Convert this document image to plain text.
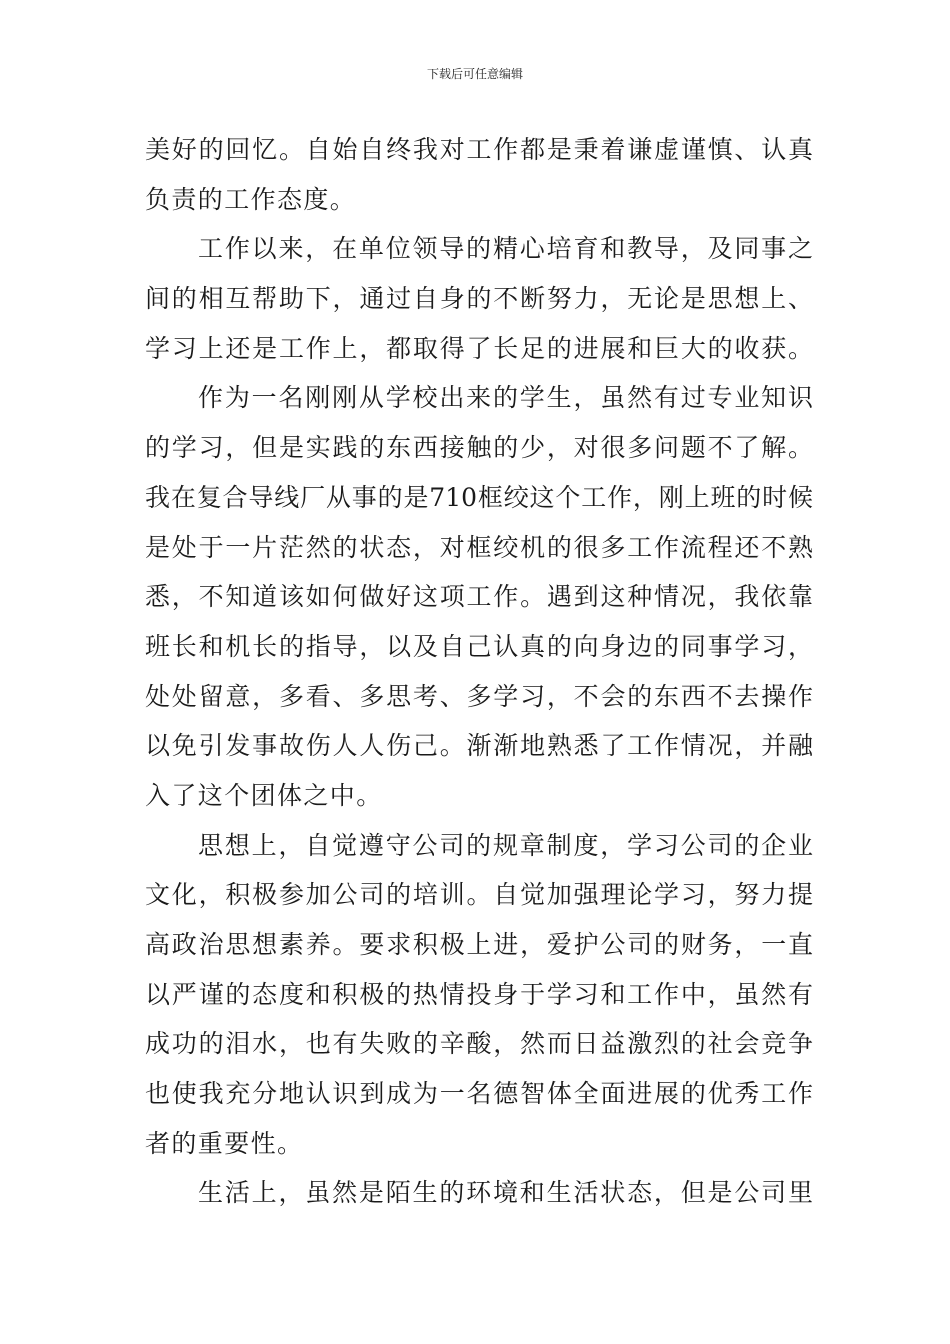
下载后可任意编辑
美好的回忆。自始自终我对工作都是秉着谦虚谨慎、认真
负责的工作态度。
工作以来，在单位领导的精心培育和教导，及同事之
间的相互帮助下，通过自身的不断努力，无论是思想上、
学习上还是工作上，都取得了长足的进展和巨大的收获。
作为一名刚刚从学校出来的学生，虽然有过专业知识
的学习，但是实践的东西接触的少，对很多问题不了解。
我在复合导线厂从事的是710框绞这个工作，刚上班的时候
是处于一片茫然的状态，对框绞机的很多工作流程还不熟
悉，不知道该如何做好这项工作。遇到这种情况，我依靠
班长和机长的指导，以及自己认真的向身边的同事学习，
处处留意，多看、多思考、多学习，不会的东西不去操作
以免引发事故伤人人伤己。渐渐地熟悉了工作情况，并融
入了这个团体之中。
思想上，自觉遵守公司的规章制度，学习公司的企业
文化，积极参加公司的培训。自觉加强理论学习，努力提
高政治思想素养。要求积极上进，爱护公司的财务，一直
以严谨的态度和积极的热情投身于学习和工作中，虽然有
成功的泪水，也有失败的辛酸，然而日益激烈的社会竞争
也使我充分地认识到成为一名德智体全面进展的优秀工作
者的重要性。
生活上，虽然是陌生的环境和生活状态，但是公司里
